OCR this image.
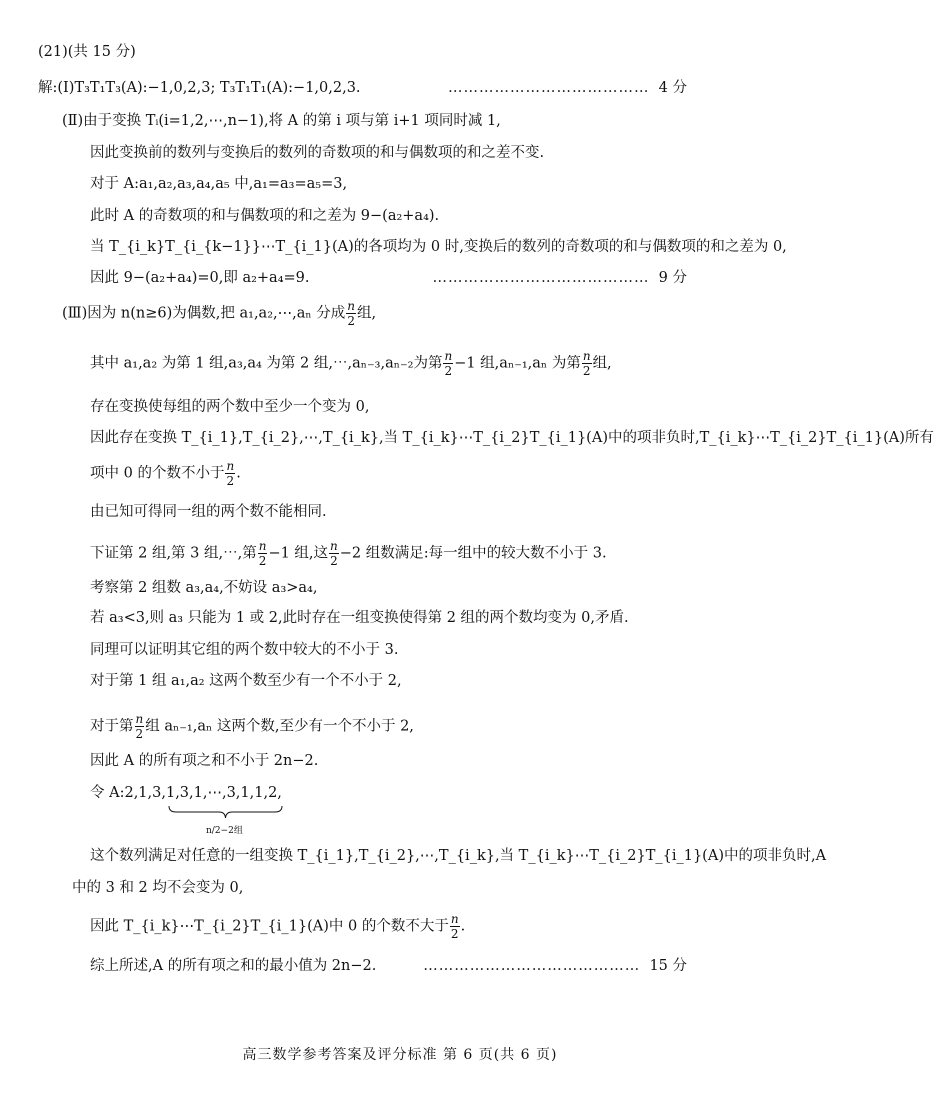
(21)(共 15 分)
解:(Ⅰ)T₃T₁T₃(A):−1,0,2,3; T₃T₁T₁(A):−1,0,2,3.	………………………………… 4 分
(Ⅱ)由于变换 Tᵢ(i=1,2,⋯,n−1),将 A 的第 i 项与第 i+1 项同时减 1,
因此变换前的数列与变换后的数列的奇数项的和与偶数项的和之差不变.
对于 A:a₁,a₂,a₃,a₄,a₅ 中,a₁=a₃=a₅=3,
此时 A 的奇数项的和与偶数项的和之差为 9−(a₂+a₄).
当 T_{i_k}T_{i_{k−1}}⋯T_{i_1}(A)的各项均为 0 时,变换后的数列的奇数项的和与偶数项的和之差为 0,
因此 9−(a₂+a₄)=0,即 a₂+a₄=9.	…………………………………… 9 分
(Ⅲ)因为 n(n≥6)为偶数,把 a₁,a₂,⋯,aₙ 分成 $\frac{n}{2}$ 组,
其中 a₁,a₂ 为第 1 组,a₃,a₄ 为第 2 组,⋯,aₙ₋₃,aₙ₋₂为第 $\frac{n}{2} -1$ 组,aₙ₋₁,aₙ 为第 $\frac{n}{2}$ 组,
存在变换使每组的两个数中至少一个变为 0,
因此存在变换 T_{i_1},T_{i_2},⋯,T_{i_k},当 T_{i_k}⋯T_{i_2}T_{i_1}(A)中的项非负时,T_{i_k}⋯T_{i_2}T_{i_1}(A)所有
项中 0 的个数不小于 $\frac{n}{2}$ .
由已知可得同一组的两个数不能相同.
下证第 2 组,第 3 组,⋯,第 $\frac{n}{2} -1$ 组,这 $\frac{n}{2} -2$ 组数满足:每一组中的较大数不小于 3.
考察第 2 组数 a₃,a₄,不妨设 a₃>a₄,
若 a₃<3,则 a₃ 只能为 1 或 2,此时存在一组变换使得第 2 组的两个数均变为 0,矛盾.
同理可以证明其它组的两个数中较大的不小于 3.
对于第 1 组 a₁,a₂ 这两个数至少有一个不小于 2,
对于第 $\frac{n}{2}$ 组 aₙ₋₁,aₙ 这两个数,至少有一个不小于 2,
因此 A 的所有项之和不小于 2n−2.
令 A:2,1,3,1,3,1,⋯,3,1,1,2,
n/2−2组
这个数列满足对任意的一组变换 T_{i_1},T_{i_2},⋯,T_{i_k},当 T_{i_k}⋯T_{i_2}T_{i_1}(A)中的项非负时,A
中的 3 和 2 均不会变为 0,
因此 T_{i_k}⋯T_{i_2}T_{i_1}(A)中 0 的个数不大于 $\frac{n}{2}$ .
综上所述,A 的所有项之和的最小值为 2n−2.	…………………………………… 15 分
高三数学参考答案及评分标准 第 6 页(共 6 页)
